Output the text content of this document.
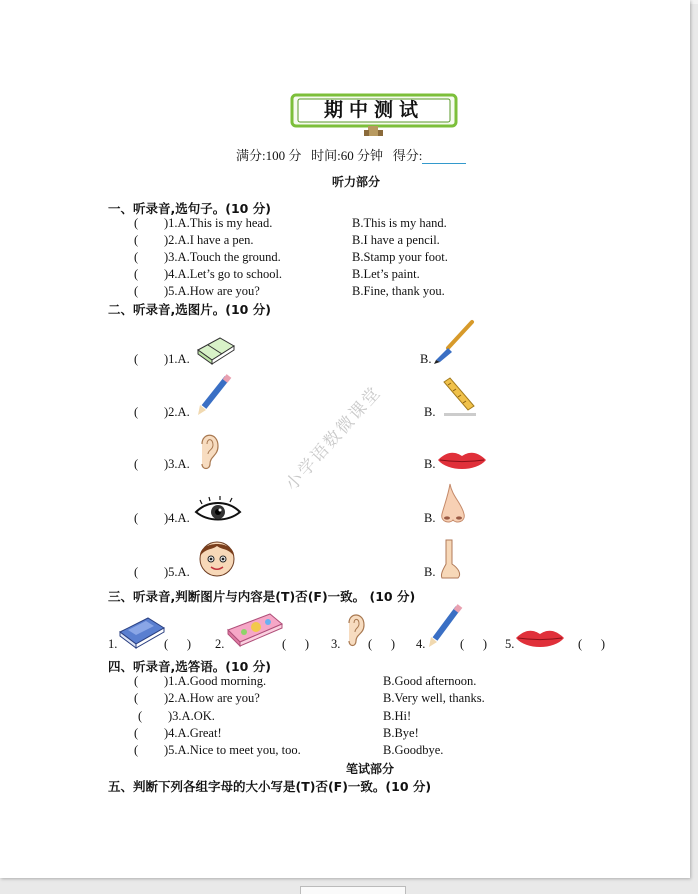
期中测试
满分:100 分 时间:60 分钟 得分:
听力部分
一、听录音,选句子。(10 分)
( )1.A.This is my head.	B.This is my hand.
( )2.A.I have a pen.	B.I have a pencil.
( )3.A.Touch the ground.	B.Stamp your foot.
( )4.A.Let’s go to school.	B.Let’s paint.
( )5.A.How are you?	B.Fine, thank you.
二、听录音,选图片。(10 分)
( )1.A.	B.
( )2.A.	B.
( )3.A.	B.
( )4.A.	B.
( )5.A.	B.
三、听录音,判断图片与内容是(T)否(F)一致。 (10 分)
1.	(      ) 2.	(      ) 3. (      ) 4.	(      ) 5.	(      )
四、听录音,选答语。(10 分)
( )1.A.Good morning.	B.Good afternoon.
( )2.A.How are you?	B.Very well, thanks.
( )3.A.OK.	B.Hi!
( )4.A.Great!	B.Bye!
( )5.A.Nice to meet you, too.	B.Goodbye.
笔试部分
五、判断下列各组字母的大小写是(T)否(F)一致。(10 分)
小学语数微课堂
